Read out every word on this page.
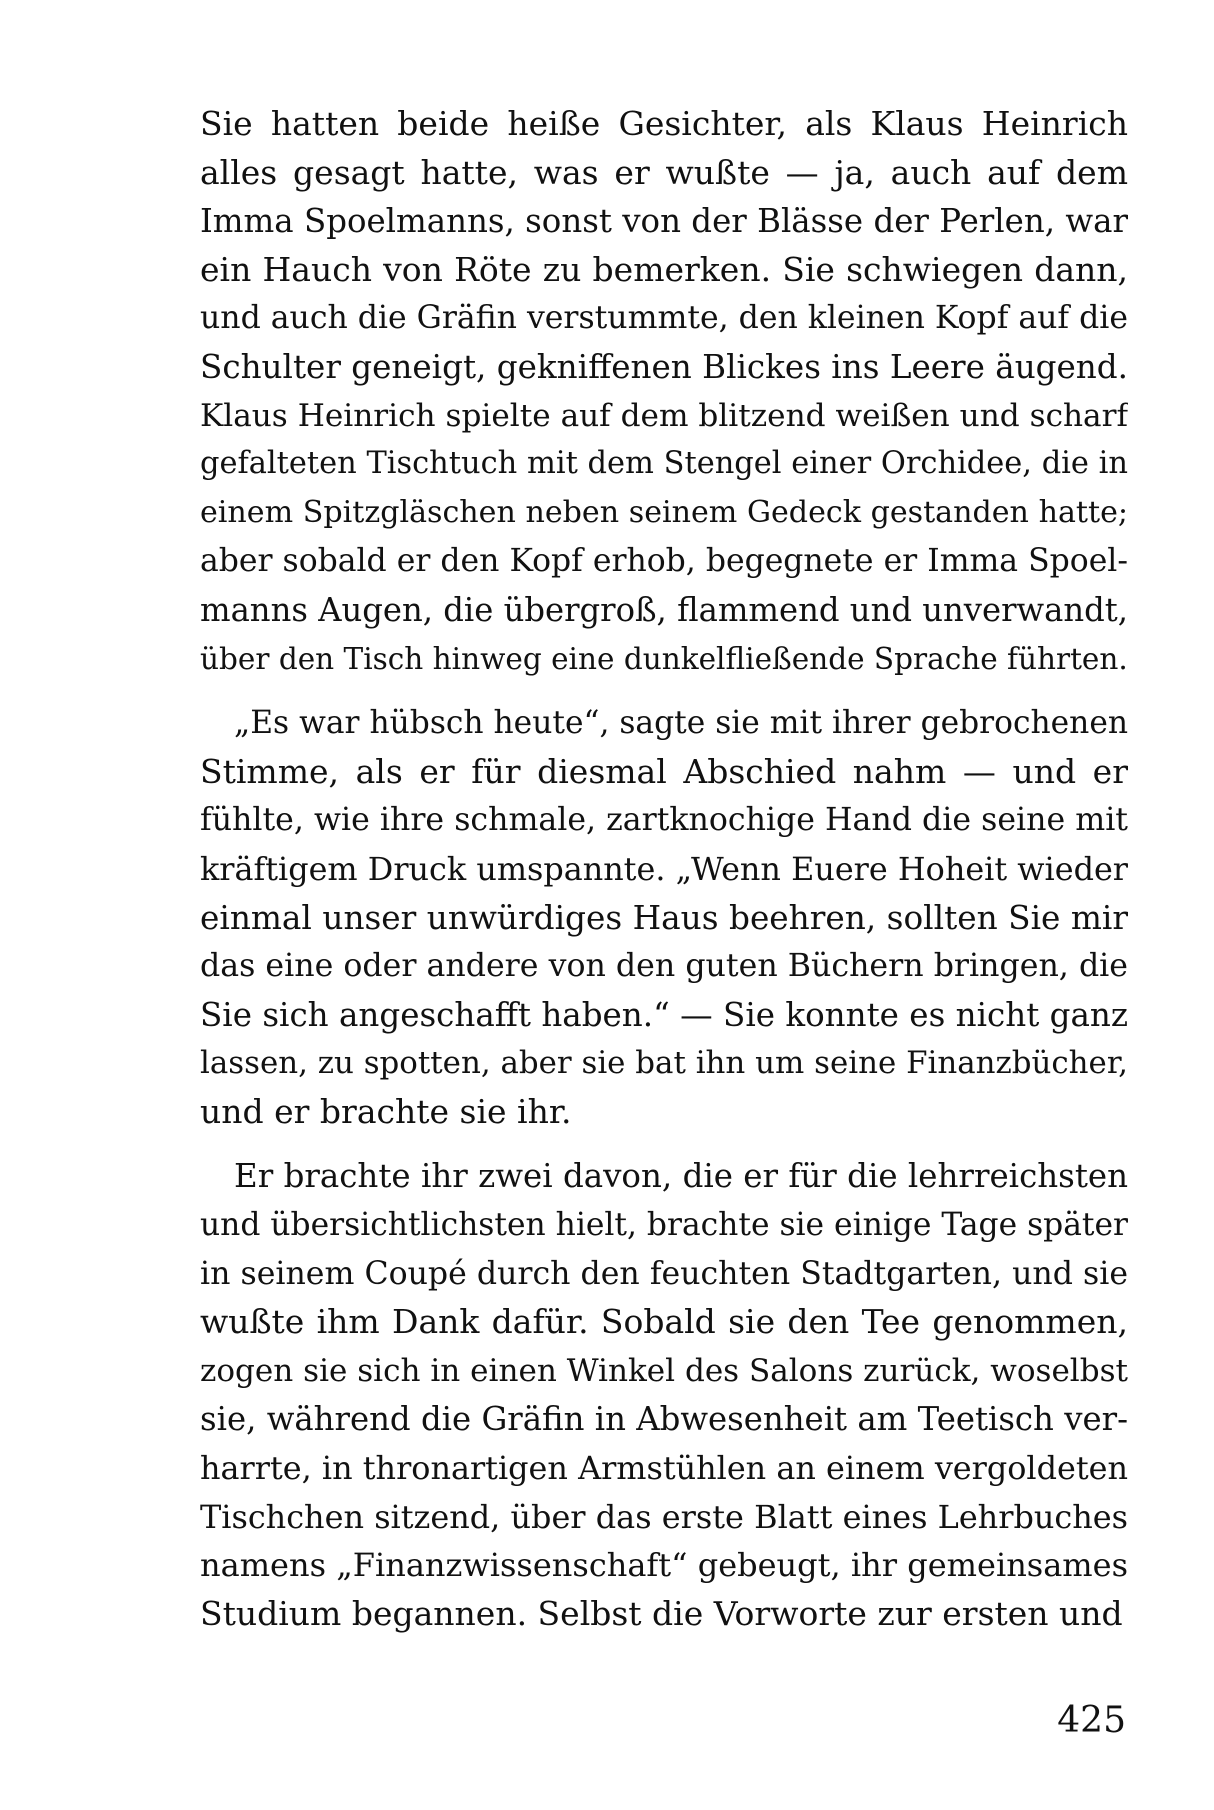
Sie hatten beide heiße Gesichter, als Klaus Heinrich
alles gesagt hatte, was er wußte — ja, auch auf dem
Imma Spoelmanns, sonst von der Blässe der Perlen, war
ein Hauch von Röte zu bemerken. Sie schwiegen dann,
und auch die Gräfin verstummte, den kleinen Kopf auf die
Schulter geneigt, gekniffenen Blickes ins Leere äugend.
Klaus Heinrich spielte auf dem blitzend weißen und scharf
gefalteten Tischtuch mit dem Stengel einer Orchidee, die in
einem Spitzgläschen neben seinem Gedeck gestanden hatte;
aber sobald er den Kopf erhob, begegnete er Imma Spoel-
manns Augen, die übergroß, flammend und unverwandt,
über den Tisch hinweg eine dunkelfließende Sprache führten.
„Es war hübsch heute“, sagte sie mit ihrer gebrochenen
Stimme, als er für diesmal Abschied nahm — und er
fühlte, wie ihre schmale, zartknochige Hand die seine mit
kräftigem Druck umspannte. „Wenn Euere Hoheit wieder
einmal unser unwürdiges Haus beehren, sollten Sie mir
das eine oder andere von den guten Büchern bringen, die
Sie sich angeschafft haben.“ — Sie konnte es nicht ganz
lassen, zu spotten, aber sie bat ihn um seine Finanzbücher,
und er brachte sie ihr.
Er brachte ihr zwei davon, die er für die lehrreichsten
und übersichtlichsten hielt, brachte sie einige Tage später
in seinem Coupé durch den feuchten Stadtgarten, und sie
wußte ihm Dank dafür. Sobald sie den Tee genommen,
zogen sie sich in einen Winkel des Salons zurück, woselbst
sie, während die Gräfin in Abwesenheit am Teetisch ver-
harrte, in thronartigen Armstühlen an einem vergoldeten
Tischchen sitzend, über das erste Blatt eines Lehrbuches
namens „Finanzwissenschaft“ gebeugt, ihr gemeinsames
Studium begannen. Selbst die Vorworte zur ersten und
425
